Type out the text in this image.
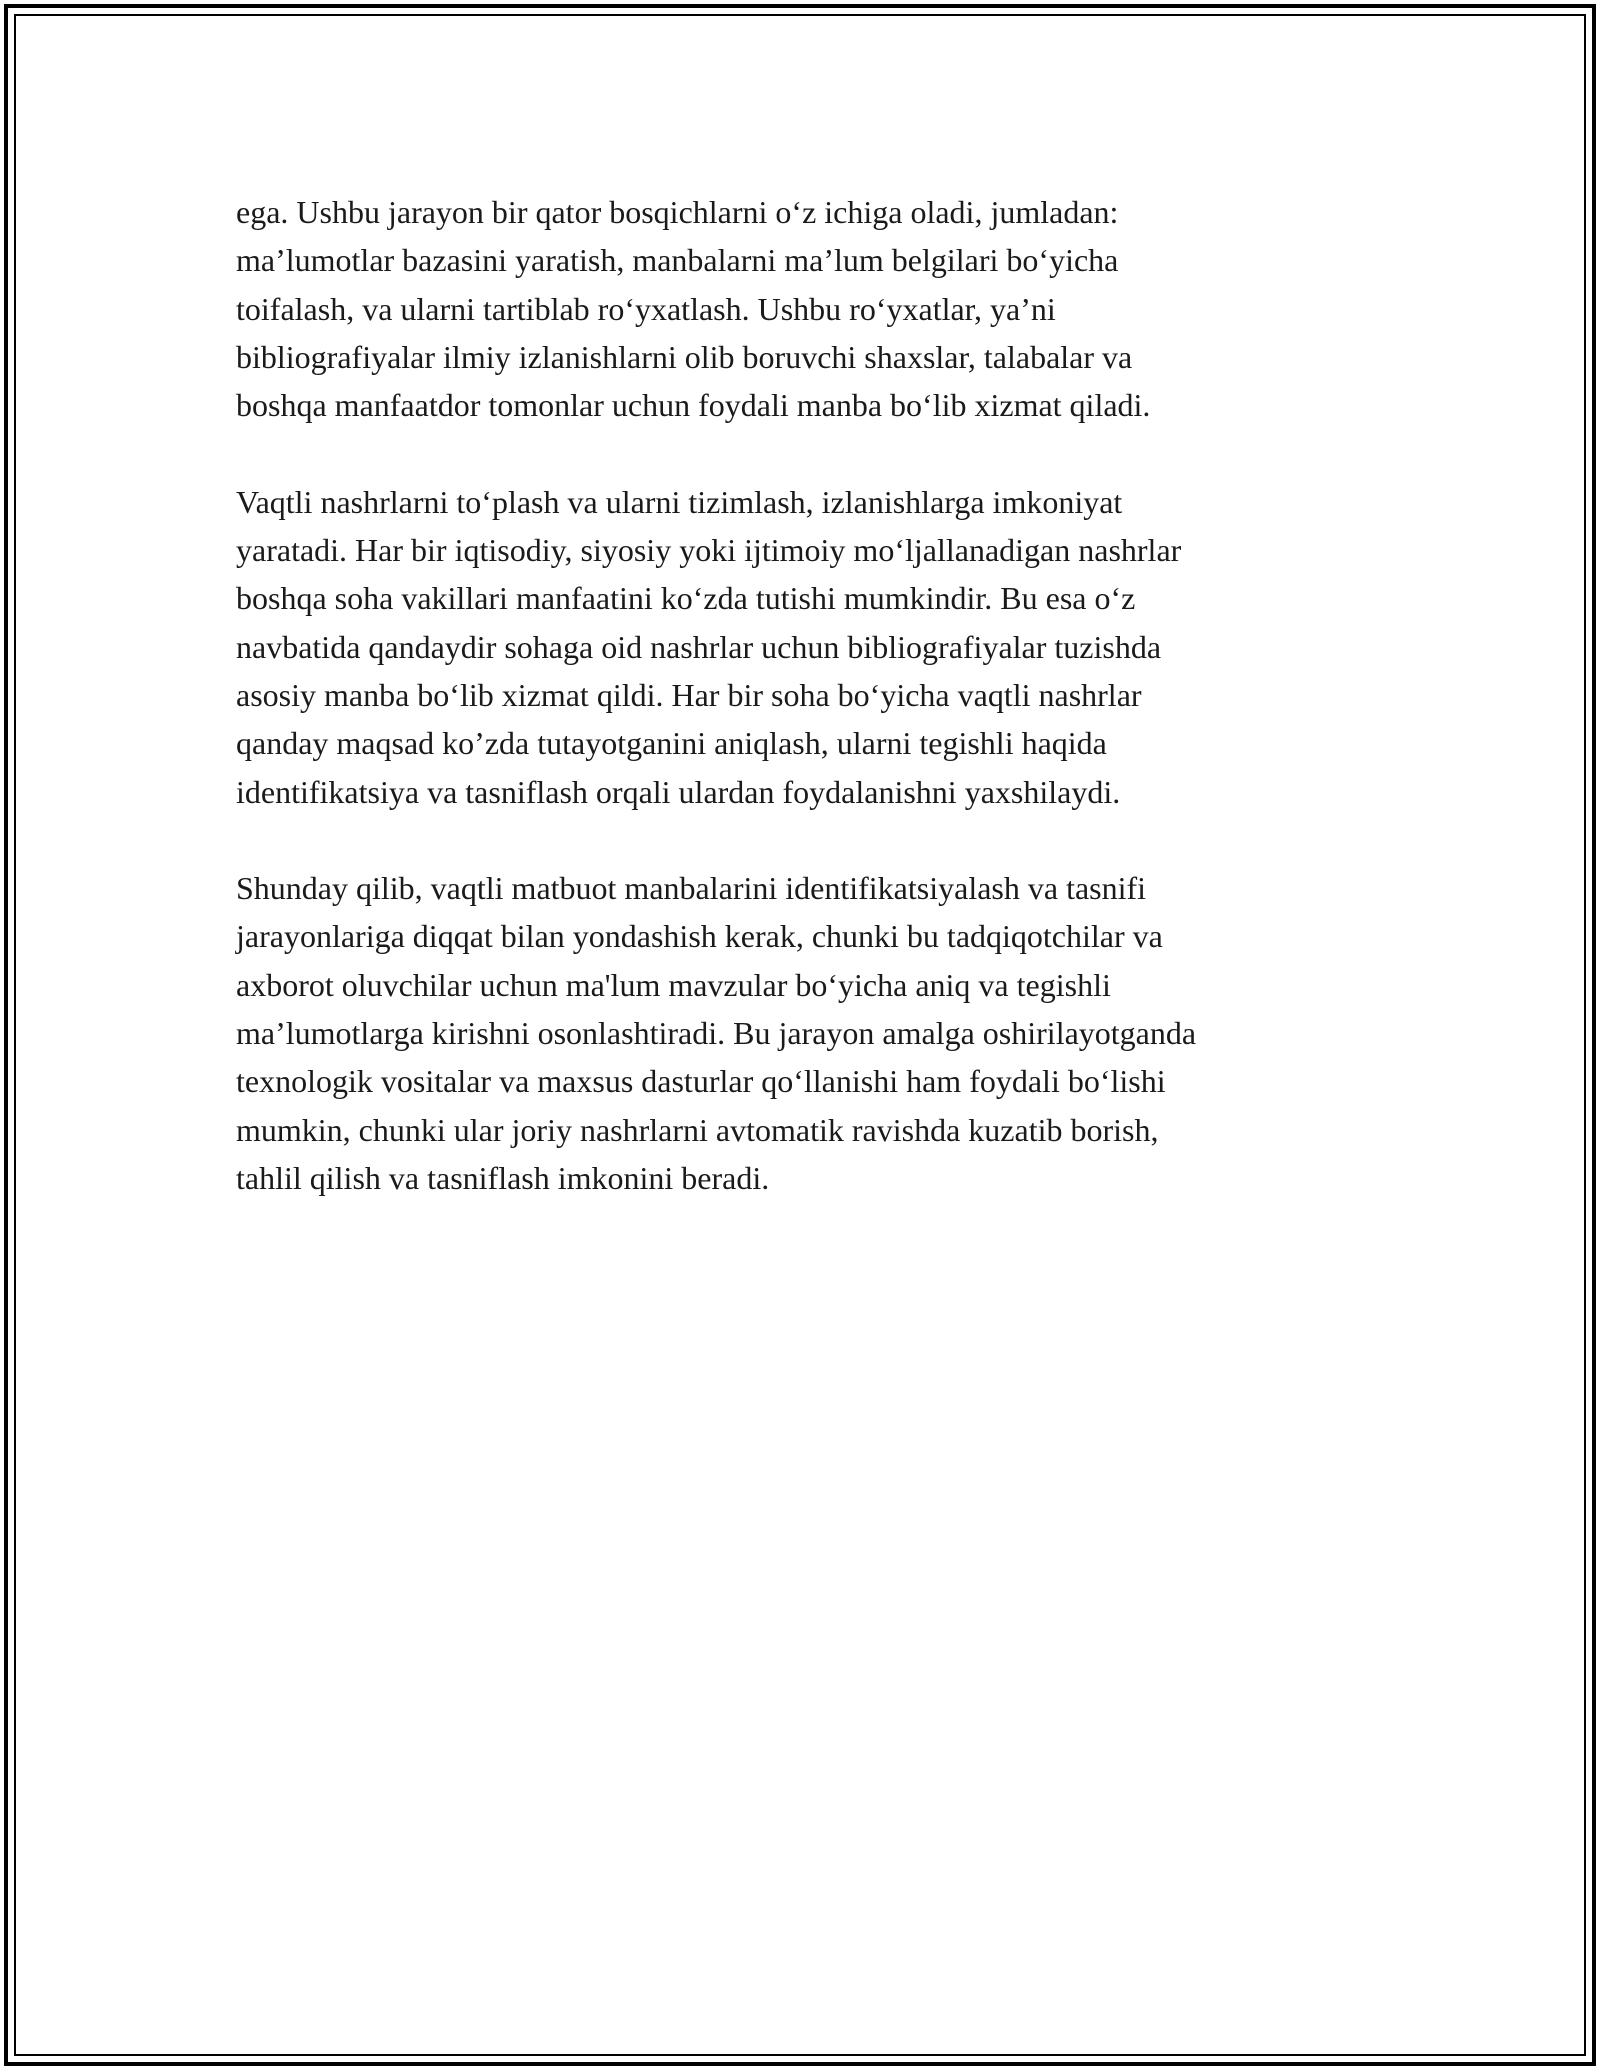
ega. Ushbu jarayon bir qator bosqichlarni o‘z ichiga oladi, jumladan:
ma’lumotlar bazasini yaratish, manbalarni ma’lum belgilari bo‘yicha
toifalash, va ularni tartiblab ro‘yxatlash. Ushbu ro‘yxatlar, ya’ni
bibliografiyalar ilmiy izlanishlarni olib boruvchi shaxslar, talabalar va
boshqa manfaatdor tomonlar uchun foydali manba bo‘lib xizmat qiladi.

Vaqtli nashrlarni to‘plash va ularni tizimlash, izlanishlarga imkoniyat
yaratadi. Har bir iqtisodiy, siyosiy yoki ijtimoiy mo‘ljallanadigan nashrlar
boshqa soha vakillari manfaatini ko‘zda tutishi mumkindir. Bu esa o‘z
navbatida qandaydir sohaga oid nashrlar uchun bibliografiyalar tuzishda
asosiy manba bo‘lib xizmat qildi. Har bir soha bo‘yicha vaqtli nashrlar
qanday maqsad ko’zda tutayotganini aniqlash, ularni tegishli haqida
identifikatsiya va tasniflash orqali ulardan foydalanishni yaxshilaydi.

Shunday qilib, vaqtli matbuot manbalarini identifikatsiyalash va tasnifi
jarayonlariga diqqat bilan yondashish kerak, chunki bu tadqiqotchilar va
axborot oluvchilar uchun ma'lum mavzular bo‘yicha aniq va tegishli
ma’lumotlarga kirishni osonlashtiradi. Bu jarayon amalga oshirilayotganda
texnologik vositalar va maxsus dasturlar qo‘llanishi ham foydali bo‘lishi
mumkin, chunki ular joriy nashrlarni avtomatik ravishda kuzatib borish,
tahlil qilish va tasniflash imkonini beradi.
